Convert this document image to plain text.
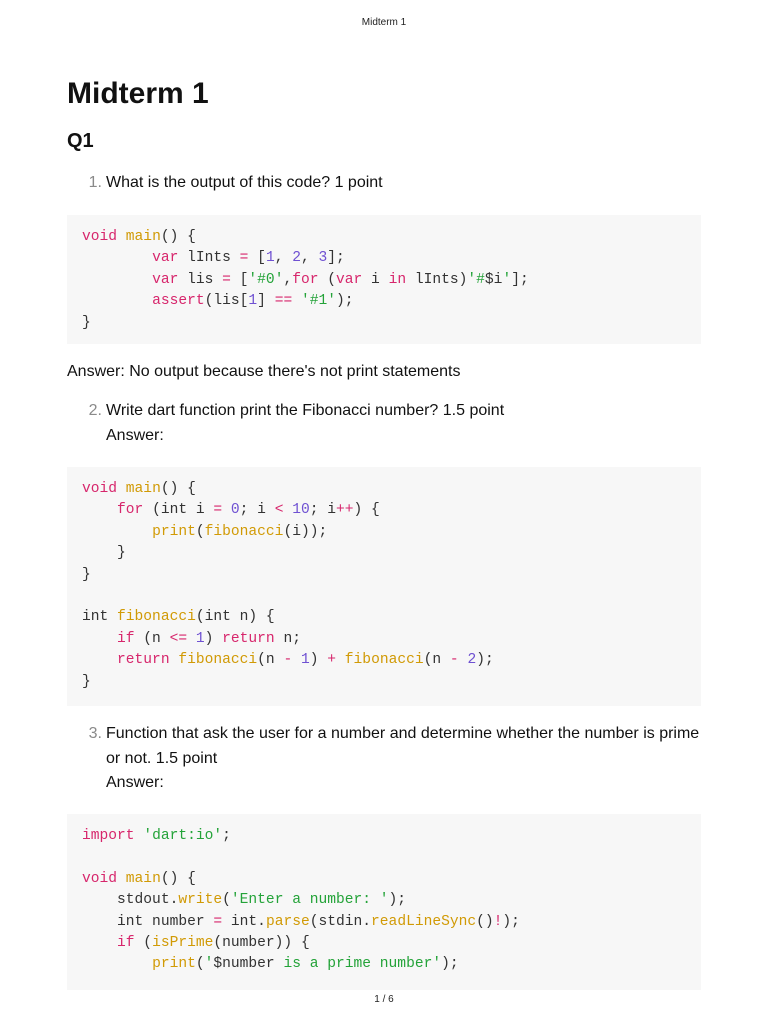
Midterm 1
Midterm 1
Q1
1. What is the output of this code? 1 point
void main() {
var lInts = [1, 2, 3];
var lis = ['#0',for (var i in lInts)'#$i'];
assert(lis[1] == '#1');
}
Answer: No output because there's not print statements
2. Write dart function print the Fibonacci number? 1.5 point
Answer:
void main() {
for (int i = 0; i < 10; i++) {
print(fibonacci(i));
}
}

int fibonacci(int n) {
if (n <= 1) return n;
return fibonacci(n - 1) + fibonacci(n - 2);
}
3. Function that ask the user for a number and determine whether the number is prime or not. 1.5 point
Answer:
import 'dart:io';

void main() {
stdout.write('Enter a number: ');
int number = int.parse(stdin.readLineSync()!);
if (isPrime(number)) {
print('$number is a prime number');
1 / 6
